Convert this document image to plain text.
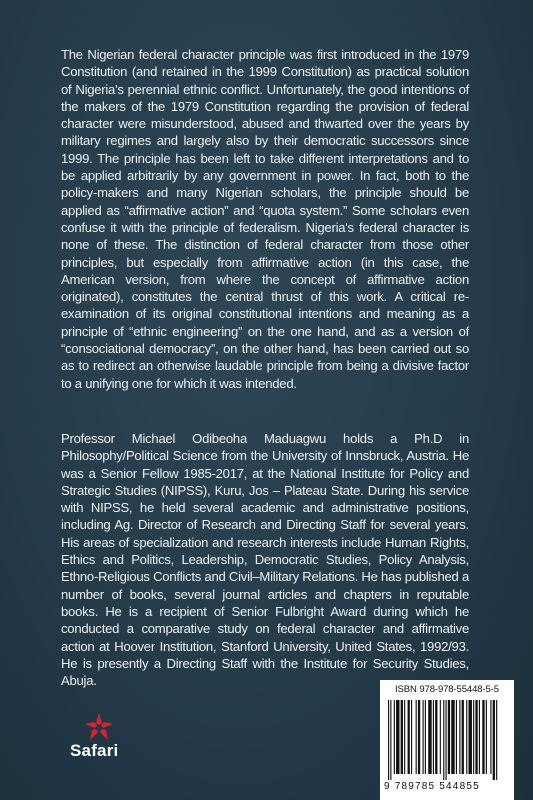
The Nigerian federal character principle was first introduced in the 1979 Constitution (and retained in the 1999 Constitution) as practical solution of Nigeria's perennial ethnic conflict. Unfortunately, the good intentions of the makers of the 1979 Constitution regarding the provision of federal character were misunderstood, abused and thwarted over the years by military regimes and largely also by their democratic successors since 1999. The principle has been left to take different interpretations and to be applied arbitrarily by any government in power. In fact, both to the policy-makers and many Nigerian scholars, the principle should be applied as “affirmative action” and “quota system.” Some scholars even confuse it with the principle of federalism. Nigeria's federal character is none of these. The distinction of federal character from those other principles, but especially from affirmative action (in this case, the American version, from where the concept of affirmative action originated), constitutes the central thrust of this work. A critical re-examination of its original constitutional intentions and meaning as a principle of “ethnic engineering” on the one hand, and as a version of “consociational democracy”, on the other hand, has been carried out so as to redirect an otherwise laudable principle from being a divisive factor to a unifying one for which it was intended.

Professor Michael Odibeoha Maduagwu holds a Ph.D in Philosophy/Political Science from the University of Innsbruck, Austria. He was a Senior Fellow 1985-2017, at the National Institute for Policy and Strategic Studies (NIPSS), Kuru, Jos – Plateau State. During his service with NIPSS, he held several academic and administrative positions, including Ag. Director of Research and Directing Staff for several years. His areas of specialization and research interests include Human Rights, Ethics and Politics, Leadership, Democratic Studies, Policy Analysis, Ethno-Religious Conflicts and Civil–Military Relations. He has published a number of books, several journal articles and chapters in reputable books. He is a recipient of Senior Fulbright Award during which he conducted a comparative study on federal character and affirmative action at Hoover Institution, Stanford University, United States, 1992/93. He is presently a Directing Staff with the Institute for Security Studies, Abuja.

Safari
ISBN 978-978-55448-5-5
9 789785 544855
